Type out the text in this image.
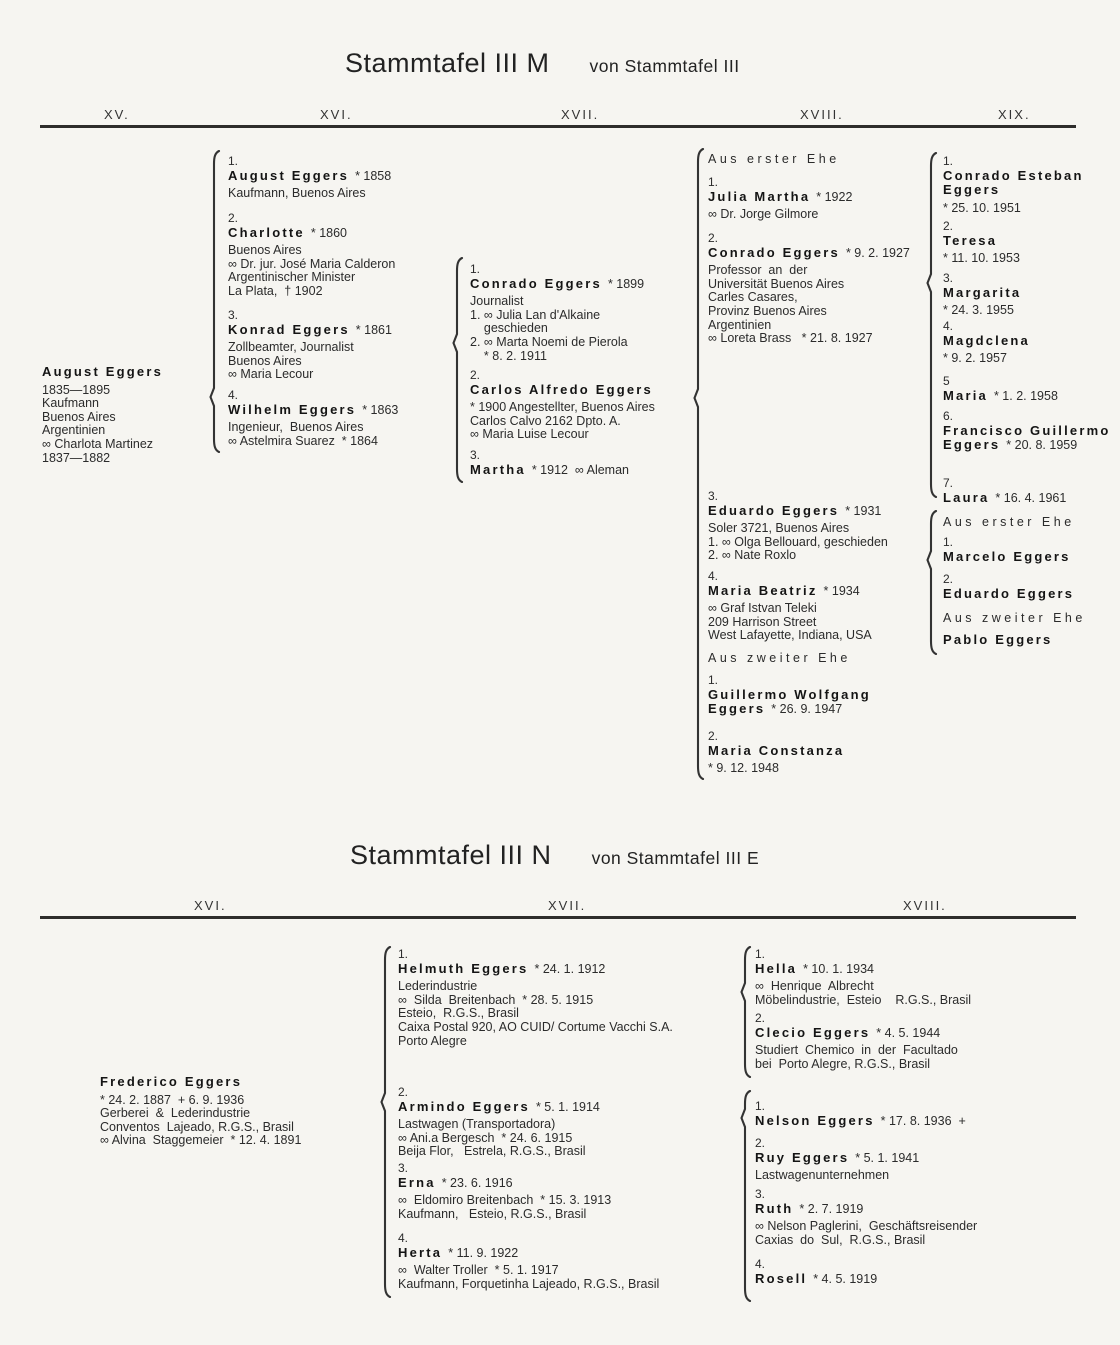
Stammtafel III M von Stammtafel III
XV.	XVI.	XVII.	XVIII.	XIX.
August Eggers
1835—1895
Kaufmann
Buenos Aires
Argentinien
∞ Charlota Martinez
1837—1882
1.
August Eggers * 1858
Kaufmann, Buenos Aires
2.
Charlotte * 1860
Buenos Aires
∞ Dr. jur. José Maria Calderon
Argentinischer Minister
La Plata,  † 1902
3.
Konrad Eggers * 1861
Zollbeamter, Journalist
Buenos Aires
∞ Maria Lecour
4.
Wilhelm Eggers * 1863
Ingenieur,  Buenos Aires
∞ Astelmira Suarez  * 1864
1.
Conrado Eggers * 1899
Journalist
1. ∞ Julia Lan d'Alkaine
geschieden
2. ∞ Marta Noemi de Pierola
* 8. 2. 1911
2.
Carlos Alfredo Eggers
* 1900 Angestellter, Buenos Aires
Carlos Calvo 2162 Dpto. A.
∞ Maria Luise Lecour
3.
Martha * 1912  ∞ Aleman
Aus erster Ehe
1.
Julia Martha * 1922
∞ Dr. Jorge Gilmore
2.
Conrado Eggers * 9. 2. 1927
Professor  an  der
Universität Buenos Aires
Carles Casares,
Provinz Buenos Aires
Argentinien
∞ Loreta Brass   * 21. 8. 1927
3.
Eduardo Eggers * 1931
Soler 3721, Buenos Aires
1. ∞ Olga Bellouard, geschieden
2. ∞ Nate Roxlo
4.
Maria Beatriz * 1934
∞ Graf Istvan Teleki
209 Harrison Street
West Lafayette, Indiana, USA
Aus zweiter Ehe
1.
Guillermo Wolfgang Eggers * 26. 9. 1947
2.
Maria Constanza
* 9. 12. 1948
1.
Conrado Esteban Eggers
* 25. 10. 1951
2.
Teresa
* 11. 10. 1953
3.
Margarita
* 24. 3. 1955
4.
Magdclena
* 9. 2. 1957
5
Maria * 1. 2. 1958
6.
Francisco Guillermo Eggers * 20. 8. 1959
7.
Laura * 16. 4. 1961
Aus erster Ehe
1.
Marcelo Eggers
2.
Eduardo Eggers
Aus zweiter Ehe
Pablo Eggers
Stammtafel III N von Stammtafel III E
XVI.	XVII.	XVIII.
Frederico Eggers
* 24. 2. 1887  + 6. 9. 1936
Gerberei  &  Lederindustrie
Conventos  Lajeado, R.G.S., Brasil
∞ Alvina  Staggemeier  * 12. 4. 1891
1.
Helmuth Eggers * 24. 1. 1912
Lederindustrie
∞  Silda  Breitenbach  * 28. 5. 1915
Esteio,  R.G.S., Brasil
Caixa Postal 920, AO CUID/ Cortume Vacchi S.A.
Porto Alegre
2.
Armindo Eggers * 5. 1. 1914
Lastwagen (Transportadora)
∞ Ani.a Bergesch  * 24. 6. 1915
Beija Flor,   Estrela, R.G.S., Brasil
3.
Erna * 23. 6. 1916
∞  Eldomiro Breitenbach  * 15. 3. 1913
Kaufmann,   Esteio, R.G.S., Brasil
4.
Herta * 11. 9. 1922
∞  Walter Troller  * 5. 1. 1917
Kaufmann, Forquetinha Lajeado, R.G.S., Brasil
1.
Hella * 10. 1. 1934
∞  Henrique  Albrecht
Möbelindustrie,  Esteio    R.G.S., Brasil
2.
Clecio Eggers * 4. 5. 1944
Studiert  Chemico  in  der  Facultado
bei  Porto Alegre, R.G.S., Brasil
1.
Nelson Eggers * 17. 8. 1936  +
2.
Ruy Eggers * 5. 1. 1941
Lastwagenunternehmen
3.
Ruth * 2. 7. 1919
∞ Nelson Paglerini,  Geschäftsreisender
Caxias  do  Sul,  R.G.S., Brasil
4.
Rosell * 4. 5. 1919
